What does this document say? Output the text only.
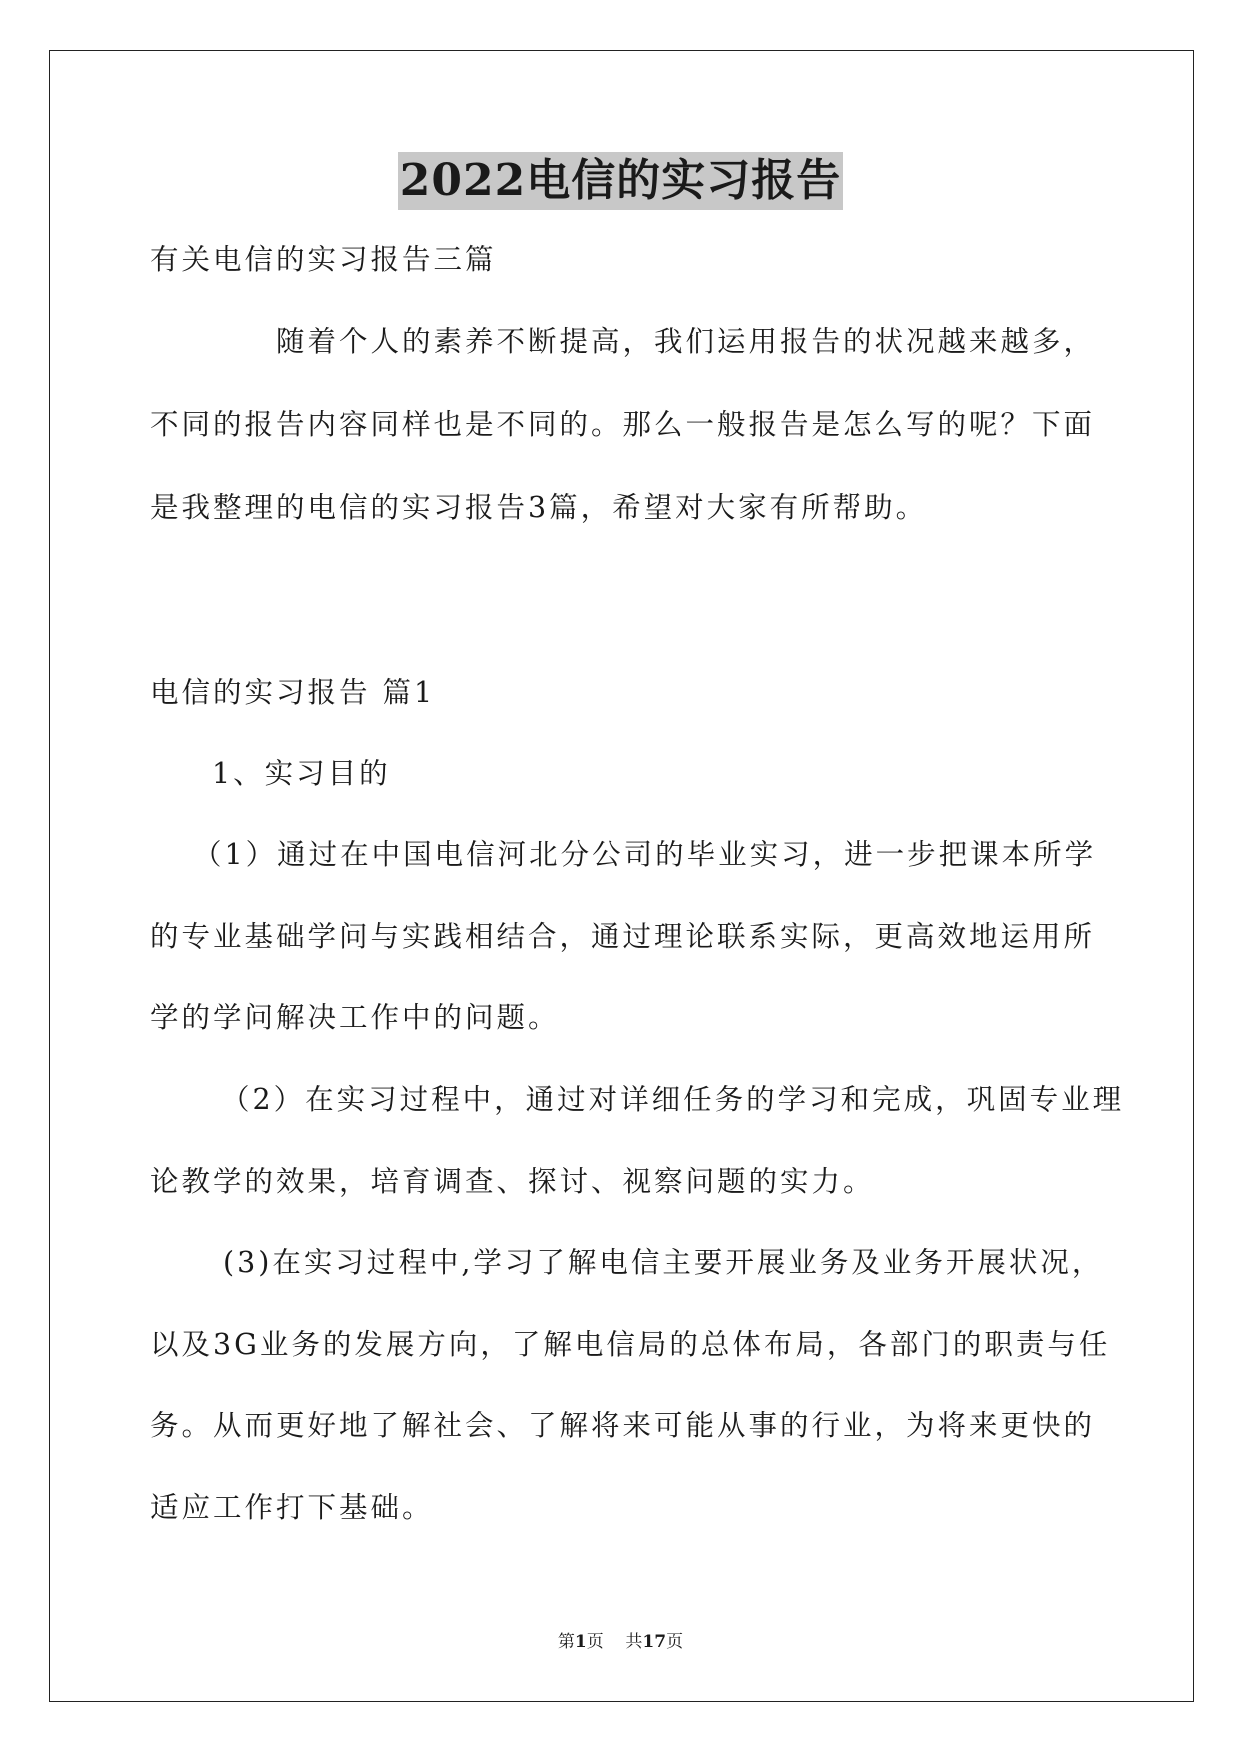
2022电信的实习报告
有关电信的实习报告三篇
随着个人的素养不断提高，我们运用报告的状况越来越多，
不同的报告内容同样也是不同的。那么一般报告是怎么写的呢？下面
是我整理的电信的实习报告3篇，希望对大家有所帮助。
电信的实习报告 篇1
1、实习目的
（1）通过在中国电信河北分公司的毕业实习，进一步把课本所学
的专业基础学问与实践相结合，通过理论联系实际，更高效地运用所
学的学问解决工作中的问题。
（2）在实习过程中，通过对详细任务的学习和完成，巩固专业理
论教学的效果，培育调查、探讨、视察问题的实力。
(3)在实习过程中,学习了解电信主要开展业务及业务开展状况，
以及3G业务的发展方向，了解电信局的总体布局，各部门的职责与任
务。从而更好地了解社会、了解将来可能从事的行业，为将来更快的
适应工作打下基础。
第1页 共17页
